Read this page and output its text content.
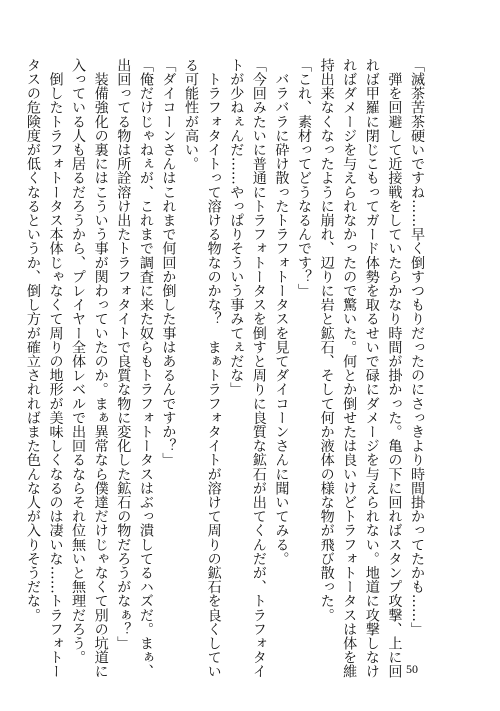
「滅茶苦茶硬いですね……早く倒すつもりだったのにさっきより時間掛かってたかも……」
　弾を回避して近接戦をしていたらかなり時間が掛かった。亀の下に回ればスタンプ攻撃、上に回
れば甲羅に閉じこもってガード体勢を取るせいで碌にダメージを与えられない。地道に攻撃しなけ
ればダメージを与えられなかったので驚いた。何とか倒せたは良いけどトラフォトータスは体を維
持出来なくなったように崩れ、辺りに岩と鉱石、そして何か液体の様な物が飛び散った。
「これ、素材ってどうなるんです？」
　バラバラに砕け散ったトラフォトータスを見てダイコーンさんに聞いてみる。
「今回みたいに普通にトラフォトータスを倒すと周りに良質な鉱石が出てくんだが、トラフォタイ
トが少ねぇんだ……やっぱりそういう事みてぇだな」
　トラフォタイトって溶ける物なのかな？　まぁトラフォタイトが溶けて周りの鉱石を良くしてい
る可能性が高い。
「ダイコーンさんはこれまで何回か倒した事はあるんですか？」
「俺だけじゃねぇが、これまで調査に来た奴らもトラフォトータスはぶっ潰してるハズだ。まぁ、
出回ってる物は所詮溶け出たトラフォタイトで良質な物に変化した鉱石の物だろうがなぁ？」
　装備強化の裏にはこういう事が関わっていたのか。まぁ異常なら僕達だけじゃなくて別の坑道に
入っている人も居るだろうから、プレイヤー全体レベルで出回るならそれ位無いと無理だろう。
　倒したトラフォトータス本体じゃなくて周りの地形が美味しくなるのは凄いな……トラフォトー
タスの危険度が低くなるというか、倒し方が確立されればまた色んな人が入りそうだな。
50
